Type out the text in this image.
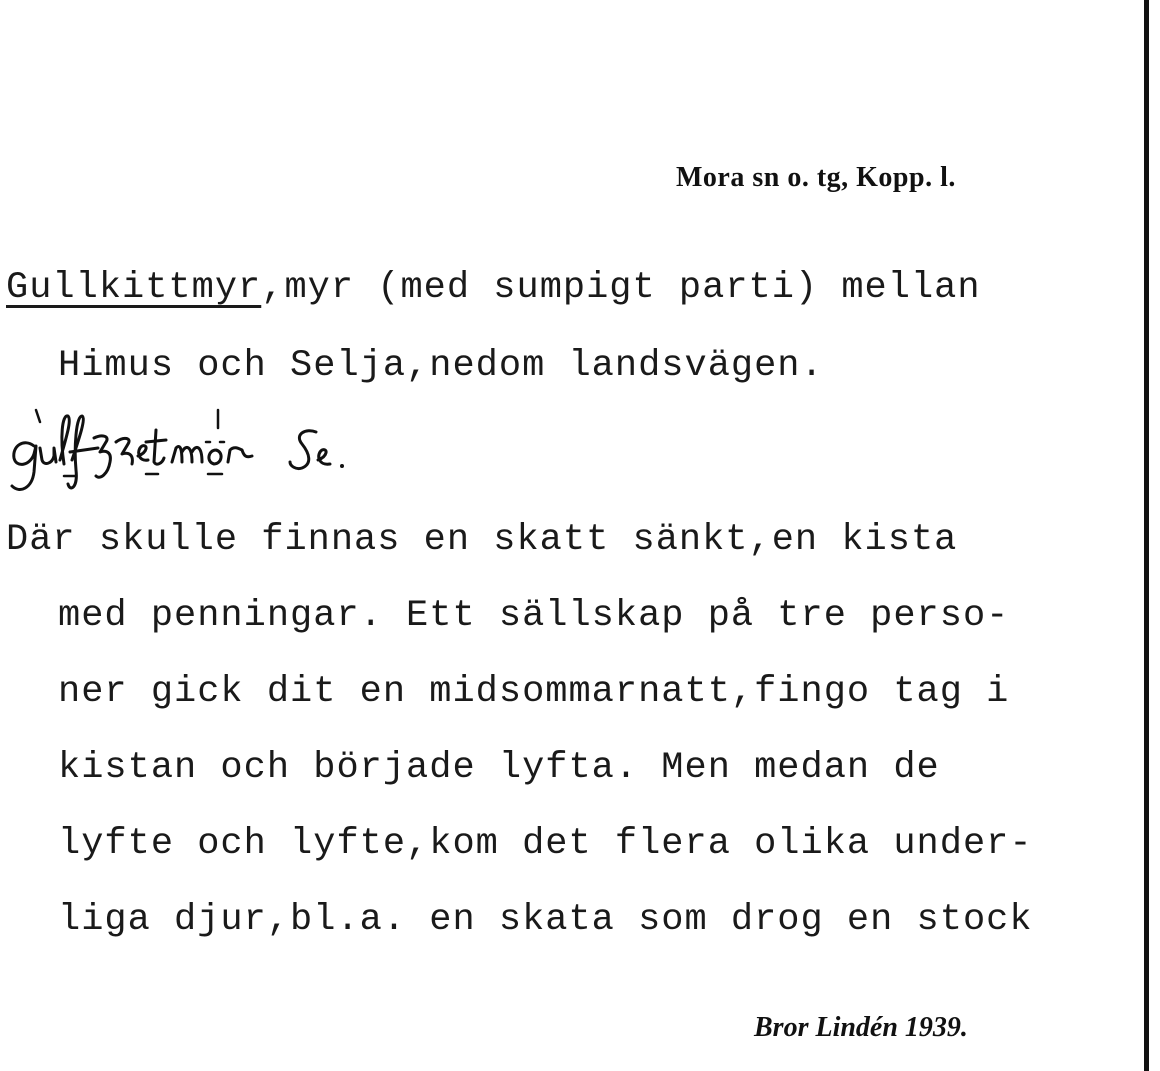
Mora sn o. tg, Kopp. l.
Gullkittmyr,myr (med sumpigt parti) mellan
Himus och Selja,nedom landsvägen.
Där skulle finnas en skatt sänkt,en kista
med penningar. Ett sällskap på tre perso-
ner gick dit en midsommarnatt,fingo tag i
kistan och började lyfta. Men medan de
lyfte och lyfte,kom det flera olika under-
liga djur,bl.a. en skata som drog en stock
Bror Lindén 1939.
